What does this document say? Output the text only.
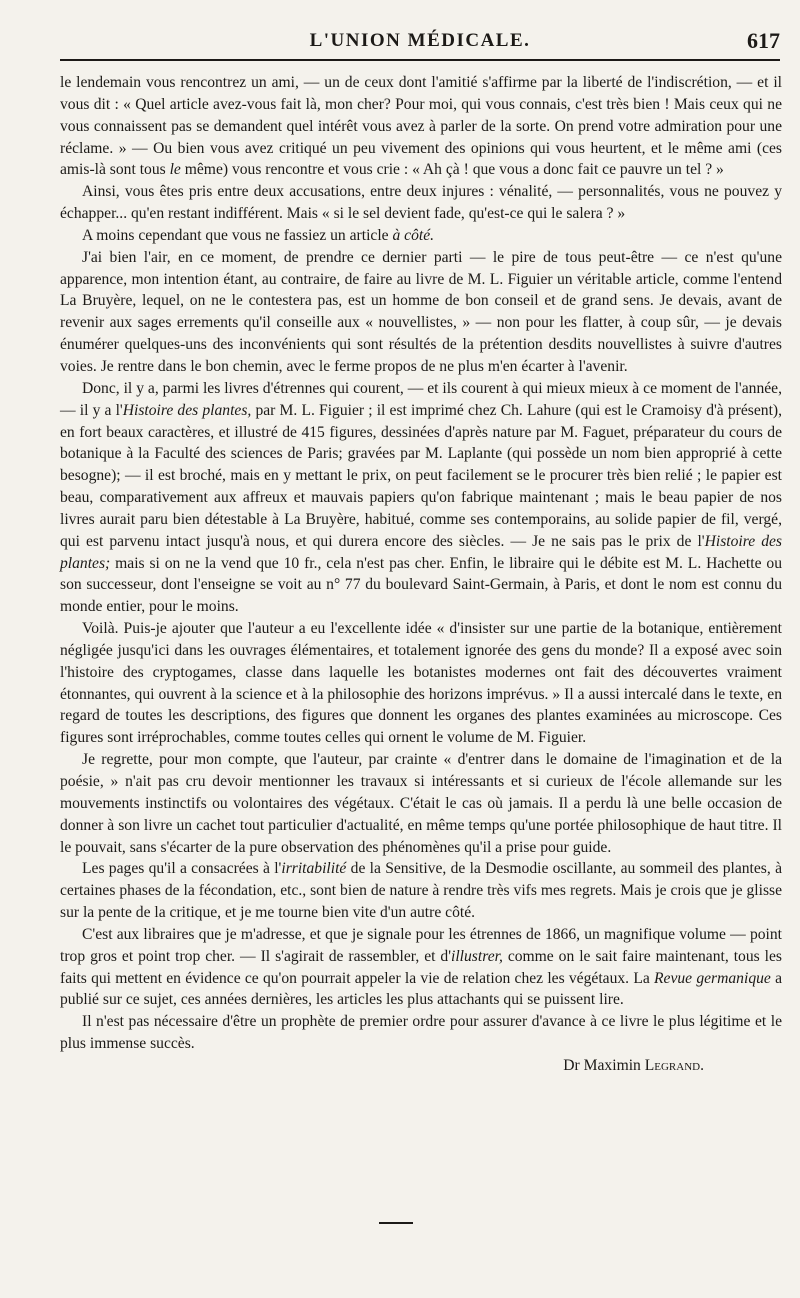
L'UNION MÉDICALE.	617

le lendemain vous rencontrez un ami, — un de ceux dont l'amitié s'affirme par la liberté de l'indiscrétion, — et il vous dit : « Quel article avez-vous fait là, mon cher? Pour moi, qui vous connais, c'est très bien ! Mais ceux qui ne vous connaissent pas se demandent quel intérêt vous avez à parler de la sorte. On prend votre admiration pour une réclame. » — Ou bien vous avez critiqué un peu vivement des opinions qui vous heurtent, et le même ami (ces amis-là sont tous le même) vous rencontre et vous crie : « Ah çà ! que vous a donc fait ce pauvre un tel ? »

Ainsi, vous êtes pris entre deux accusations, entre deux injures : vénalité, — personnalités, vous ne pouvez y échapper... qu'en restant indifférent. Mais « si le sel devient fade, qu'est-ce qui le salera ? »

A moins cependant que vous ne fassiez un article à côté.

J'ai bien l'air, en ce moment, de prendre ce dernier parti — le pire de tous peut-être — ce n'est qu'une apparence, mon intention étant, au contraire, de faire au livre de M. L. Figuier un véritable article, comme l'entend La Bruyère, lequel, on ne le contestera pas, est un homme de bon conseil et de grand sens. Je devais, avant de revenir aux sages errements qu'il conseille aux « nouvellistes, » — non pour les flatter, à coup sûr, — je devais énumérer quelques-uns des inconvénients qui sont résultés de la prétention desdits nouvellistes à suivre d'autres voies. Je rentre dans le bon chemin, avec le ferme propos de ne plus m'en écarter à l'avenir.

Donc, il y a, parmi les livres d'étrennes qui courent, — et ils courent à qui mieux mieux à ce moment de l'année, — il y a l'Histoire des plantes, par M. L. Figuier ; il est imprimé chez Ch. Lahure (qui est le Cramoisy d'à présent), en fort beaux caractères, et illustré de 415 figures, dessinées d'après nature par M. Faguet, préparateur du cours de botanique à la Faculté des sciences de Paris; gravées par M. Laplante (qui possède un nom bien approprié à cette besogne); — il est broché, mais en y mettant le prix, on peut facilement se le procurer très bien relié ; le papier est beau, comparativement aux affreux et mauvais papiers qu'on fabrique maintenant ; mais le beau papier de nos livres aurait paru bien détestable à La Bruyère, habitué, comme ses contemporains, au solide papier de fil, vergé, qui est parvenu intact jusqu'à nous, et qui durera encore des siècles. — Je ne sais pas le prix de l'Histoire des plantes; mais si on ne la vend que 10 fr., cela n'est pas cher. Enfin, le libraire qui le débite est M. L. Hachette ou son successeur, dont l'enseigne se voit au n° 77 du boulevard Saint-Germain, à Paris, et dont le nom est connu du monde entier, pour le moins.

Voilà. Puis-je ajouter que l'auteur a eu l'excellente idée « d'insister sur une partie de la botanique, entièrement négligée jusqu'ici dans les ouvrages élémentaires, et totalement ignorée des gens du monde? Il a exposé avec soin l'histoire des cryptogames, classe dans laquelle les botanistes modernes ont fait des découvertes vraiment étonnantes, qui ouvrent à la science et à la philosophie des horizons imprévus. » Il a aussi intercalé dans le texte, en regard de toutes les descriptions, des figures que donnent les organes des plantes examinées au microscope. Ces figures sont irréprochables, comme toutes celles qui ornent le volume de M. Figuier.

Je regrette, pour mon compte, que l'auteur, par crainte « d'entrer dans le domaine de l'imagination et de la poésie, » n'ait pas cru devoir mentionner les travaux si intéressants et si curieux de l'école allemande sur les mouvements instinctifs ou volontaires des végétaux. C'était le cas où jamais. Il a perdu là une belle occasion de donner à son livre un cachet tout particulier d'actualité, en même temps qu'une portée philosophique de haut titre. Il le pouvait, sans s'écarter de la pure observation des phénomènes qu'il a prise pour guide.

Les pages qu'il a consacrées à l'irritabilité de la Sensitive, de la Desmodie oscillante, au sommeil des plantes, à certaines phases de la fécondation, etc., sont bien de nature à rendre très vifs mes regrets. Mais je crois que je glisse sur la pente de la critique, et je me tourne bien vite d'un autre côté.

C'est aux libraires que je m'adresse, et que je signale pour les étrennes de 1866, un magnifique volume — point trop gros et point trop cher. — Il s'agirait de rassembler, et d'illustrer, comme on le sait faire maintenant, tous les faits qui mettent en évidence ce qu'on pourrait appeler la vie de relation chez les végétaux. La Revue germanique a publié sur ce sujet, ces années dernières, les articles les plus attachants qui se puissent lire.

Il n'est pas nécessaire d'être un prophète de premier ordre pour assurer d'avance à ce livre le plus légitime et le plus immense succès.

Dr Maximin Legrand.
